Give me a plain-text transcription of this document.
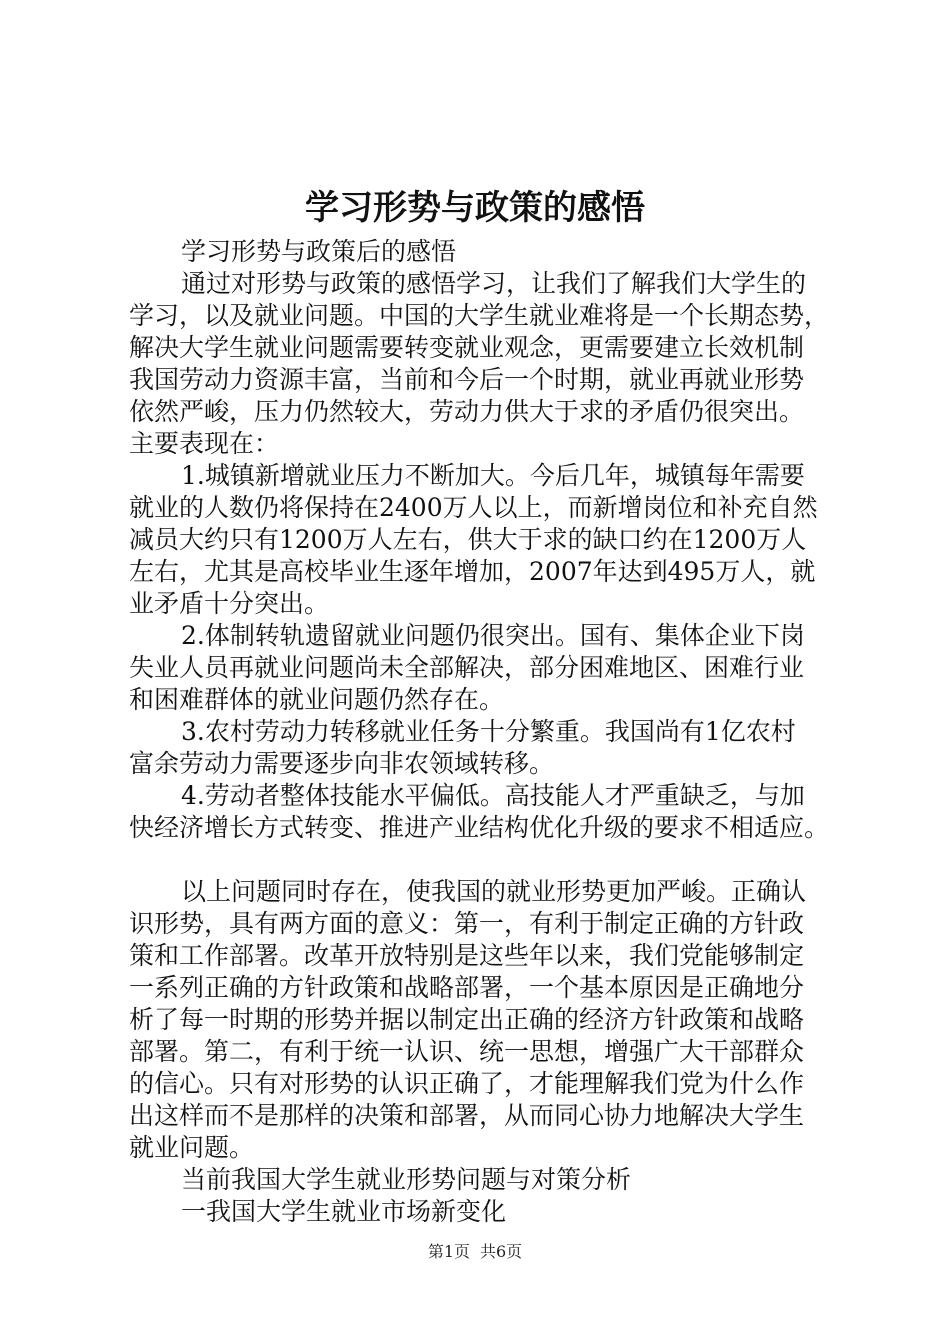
学习形势与政策的感悟

学习形势与政策后的感悟

通过对形势与政策的感悟学习，让我们了解我们大学生的

学习，以及就业问题。中国的大学生就业难将是一个长期态势，

解决大学生就业问题需要转变就业观念，更需要建立长效机制

我国劳动力资源丰富，当前和今后一个时期，就业再就业形势

依然严峻，压力仍然较大，劳动力供大于求的矛盾仍很突出。

主要表现在：

1.城镇新增就业压力不断加大。今后几年，城镇每年需要

就业的人数仍将保持在2400万人以上，而新增岗位和补充自然

减员大约只有1200万人左右，供大于求的缺口约在1200万人

左右，尤其是高校毕业生逐年增加，2007年达到495万人，就

业矛盾十分突出。

2.体制转轨遗留就业问题仍很突出。国有、集体企业下岗

失业人员再就业问题尚未全部解决，部分困难地区、困难行业

和困难群体的就业问题仍然存在。

3.农村劳动力转移就业任务十分繁重。我国尚有1亿农村

富余劳动力需要逐步向非农领域转移。

4.劳动者整体技能水平偏低。高技能人才严重缺乏，与加

快经济增长方式转变、推进产业结构优化升级的要求不相适应。

以上问题同时存在，使我国的就业形势更加严峻。正确认

识形势，具有两方面的意义：第一，有利于制定正确的方针政

策和工作部署。改革开放特别是这些年以来，我们党能够制定

一系列正确的方针政策和战略部署，一个基本原因是正确地分

析了每一时期的形势并据以制定出正确的经济方针政策和战略

部署。第二，有利于统一认识、统一思想，增强广大干部群众

的信心。只有对形势的认识正确了，才能理解我们党为什么作

出这样而不是那样的决策和部署，从而同心协力地解决大学生

就业问题。

当前我国大学生就业形势问题与对策分析

一我国大学生就业市场新变化

第1页 共6页
